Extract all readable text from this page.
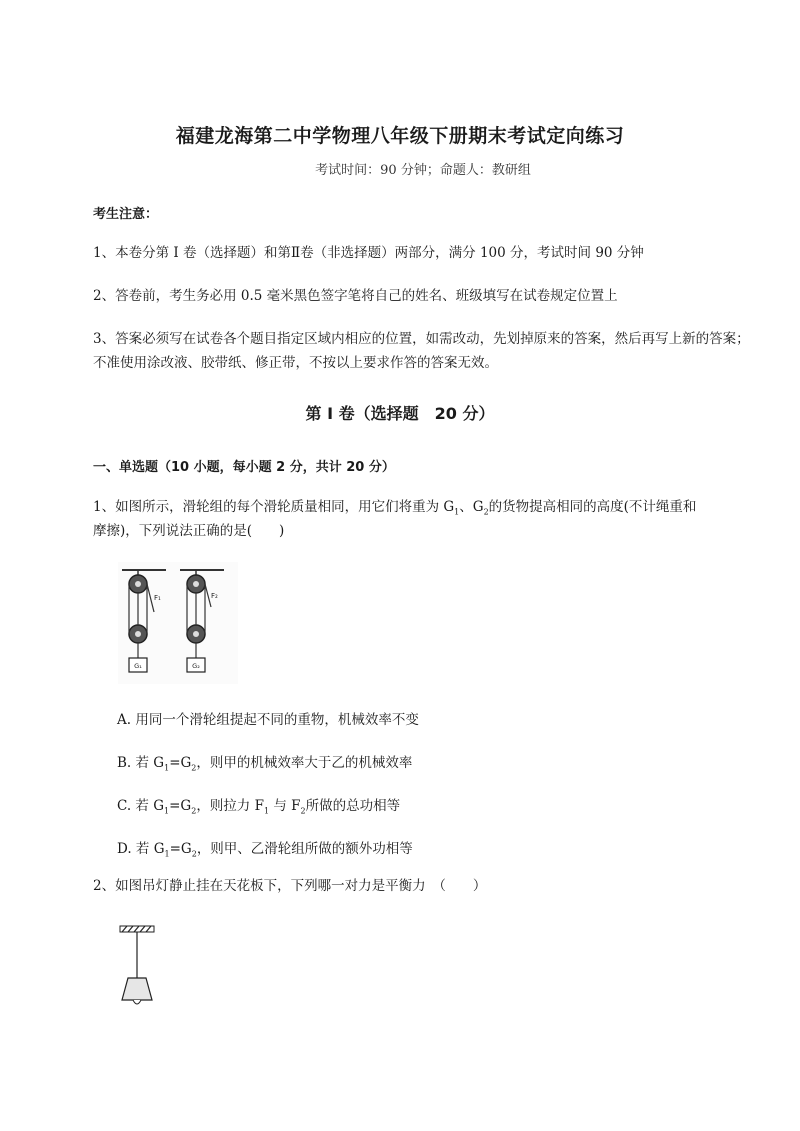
福建龙海第二中学物理八年级下册期末考试定向练习
考试时间：90 分钟；命题人：教研组
考生注意：
1、本卷分第 I 卷（选择题）和第Ⅱ卷（非选择题）两部分，满分 100 分，考试时间 90 分钟
2、答卷前，考生务必用 0.5 毫米黑色签字笔将自己的姓名、班级填写在试卷规定位置上
3、答案必须写在试卷各个题目指定区域内相应的位置，如需改动，先划掉原来的答案，然后再写上新的答案；不准使用涂改液、胶带纸、修正带，不按以上要求作答的答案无效。
第 I 卷（选择题　20 分）
一、单选题（10 小题，每小题 2 分，共计 20 分）
1、如图所示，滑轮组的每个滑轮质量相同，用它们将重为 $G_1$、$G_2$的货物提高相同的高度(不计绳重和
摩擦)，下列说法正确的是(　　)
F₁
G₁
F₂
G₂
A. 用同一个滑轮组提起不同的重物，机械效率不变
B. 若 $G_1=G_2$，则甲的机械效率大于乙的机械效率
C. 若 $G_1=G_2$，则拉力 $F_1$ 与 $F_2$所做的总功相等
D. 若 $G_1=G_2$，则甲、乙滑轮组所做的额外功相等
2、如图吊灯静止挂在天花板下，下列哪一对力是平衡力　（　　）
